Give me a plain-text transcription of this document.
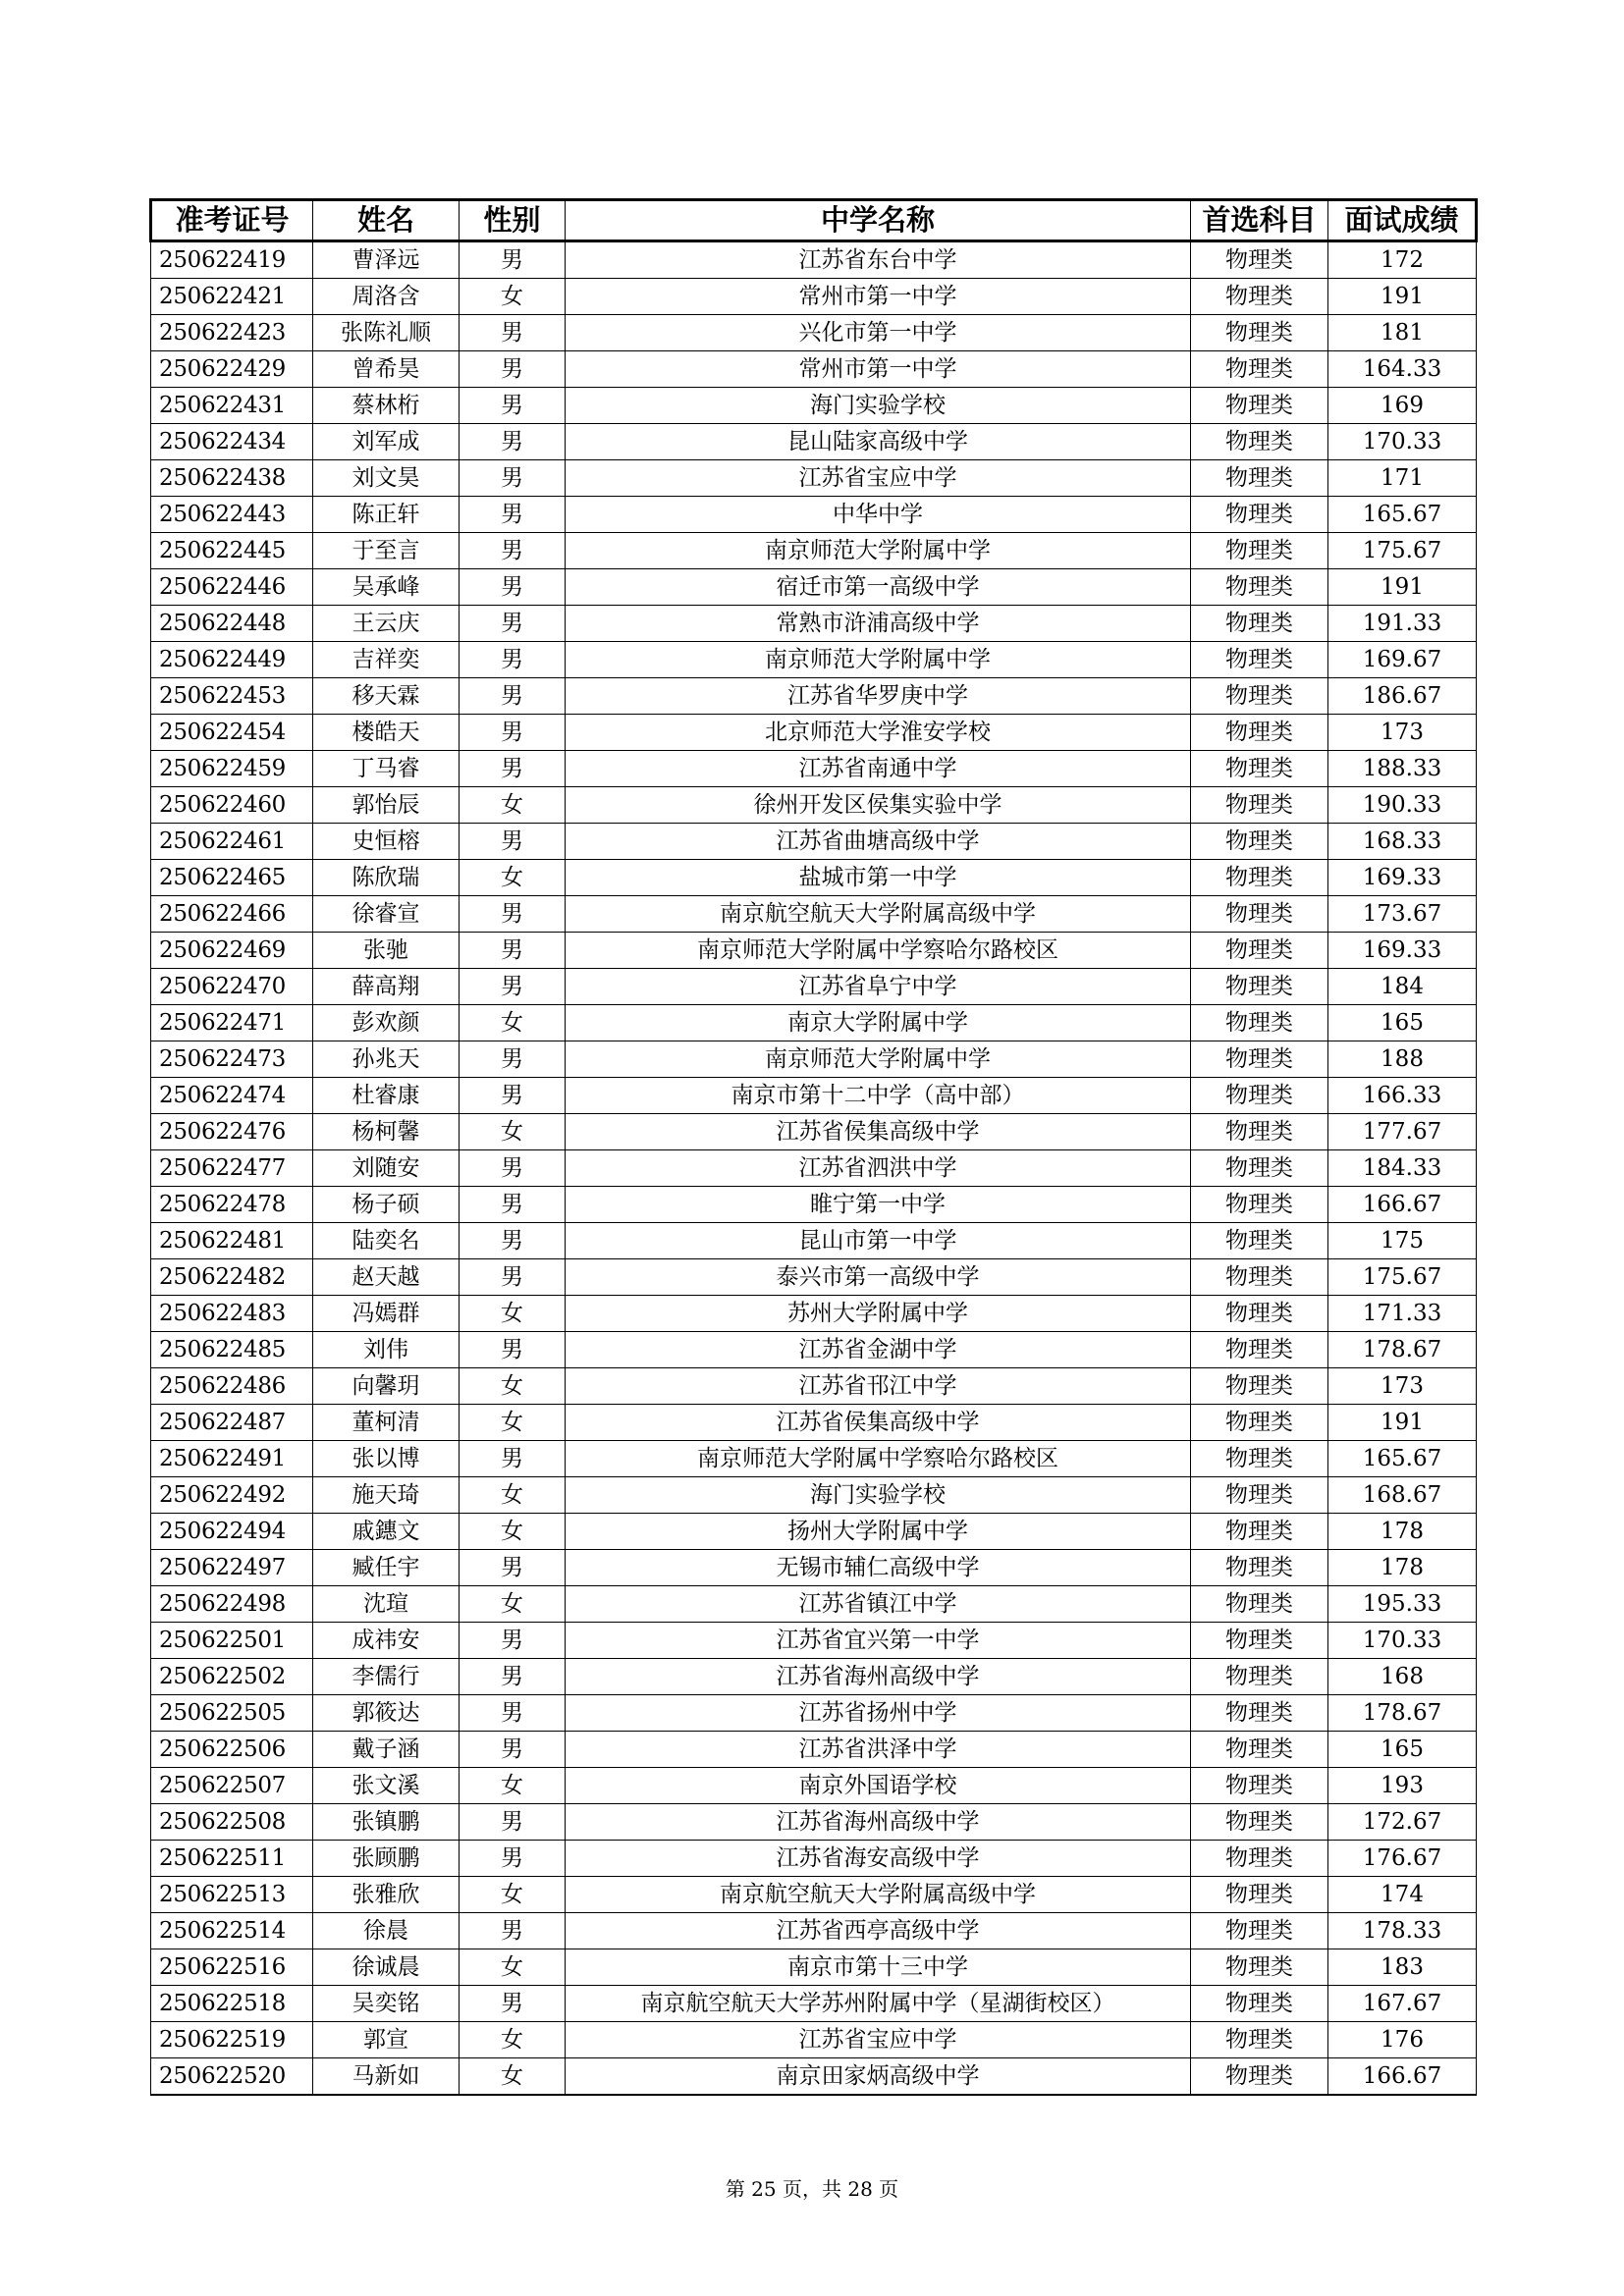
准考证号	姓名	性别	中学名称	首选科目	面试成绩
250622419	曹泽远	男	江苏省东台中学	物理类	172
250622421	周洛含	女	常州市第一中学	物理类	191
250622423	张陈礼顺	男	兴化市第一中学	物理类	181
250622429	曾希昊	男	常州市第一中学	物理类	164.33
250622431	蔡林桁	男	海门实验学校	物理类	169
250622434	刘军成	男	昆山陆家高级中学	物理类	170.33
250622438	刘文昊	男	江苏省宝应中学	物理类	171
250622443	陈正轩	男	中华中学	物理类	165.67
250622445	于至言	男	南京师范大学附属中学	物理类	175.67
250622446	吴承峰	男	宿迁市第一高级中学	物理类	191
250622448	王云庆	男	常熟市浒浦高级中学	物理类	191.33
250622449	吉祥奕	男	南京师范大学附属中学	物理类	169.67
250622453	移天霖	男	江苏省华罗庚中学	物理类	186.67
250622454	楼皓天	男	北京师范大学淮安学校	物理类	173
250622459	丁马睿	男	江苏省南通中学	物理类	188.33
250622460	郭怡辰	女	徐州开发区侯集实验中学	物理类	190.33
250622461	史恒榕	男	江苏省曲塘高级中学	物理类	168.33
250622465	陈欣瑞	女	盐城市第一中学	物理类	169.33
250622466	徐睿宣	男	南京航空航天大学附属高级中学	物理类	173.67
250622469	张驰	男	南京师范大学附属中学察哈尔路校区	物理类	169.33
250622470	薛高翔	男	江苏省阜宁中学	物理类	184
250622471	彭欢颜	女	南京大学附属中学	物理类	165
250622473	孙兆天	男	南京师范大学附属中学	物理类	188
250622474	杜睿康	男	南京市第十二中学（高中部）	物理类	166.33
250622476	杨柯馨	女	江苏省侯集高级中学	物理类	177.67
250622477	刘随安	男	江苏省泗洪中学	物理类	184.33
250622478	杨子硕	男	睢宁第一中学	物理类	166.67
250622481	陆奕名	男	昆山市第一中学	物理类	175
250622482	赵天越	男	泰兴市第一高级中学	物理类	175.67
250622483	冯嫣群	女	苏州大学附属中学	物理类	171.33
250622485	刘伟	男	江苏省金湖中学	物理类	178.67
250622486	向馨玥	女	江苏省邗江中学	物理类	173
250622487	董柯清	女	江苏省侯集高级中学	物理类	191
250622491	张以博	男	南京师范大学附属中学察哈尔路校区	物理类	165.67
250622492	施天琦	女	海门实验学校	物理类	168.67
250622494	戚鏸文	女	扬州大学附属中学	物理类	178
250622497	臧任宇	男	无锡市辅仁高级中学	物理类	178
250622498	沈瑄	女	江苏省镇江中学	物理类	195.33
250622501	成祎安	男	江苏省宜兴第一中学	物理类	170.33
250622502	李儒行	男	江苏省海州高级中学	物理类	168
250622505	郭筱达	男	江苏省扬州中学	物理类	178.67
250622506	戴子涵	男	江苏省洪泽中学	物理类	165
250622507	张文溪	女	南京外国语学校	物理类	193
250622508	张镇鹏	男	江苏省海州高级中学	物理类	172.67
250622511	张顾鹏	男	江苏省海安高级中学	物理类	176.67
250622513	张雅欣	女	南京航空航天大学附属高级中学	物理类	174
250622514	徐晨	男	江苏省西亭高级中学	物理类	178.33
250622516	徐诚晨	女	南京市第十三中学	物理类	183
250622518	吴奕铭	男	南京航空航天大学苏州附属中学（星湖街校区）	物理类	167.67
250622519	郭宣	女	江苏省宝应中学	物理类	176
250622520	马新如	女	南京田家炳高级中学	物理类	166.67
第 25 页，共 28 页
